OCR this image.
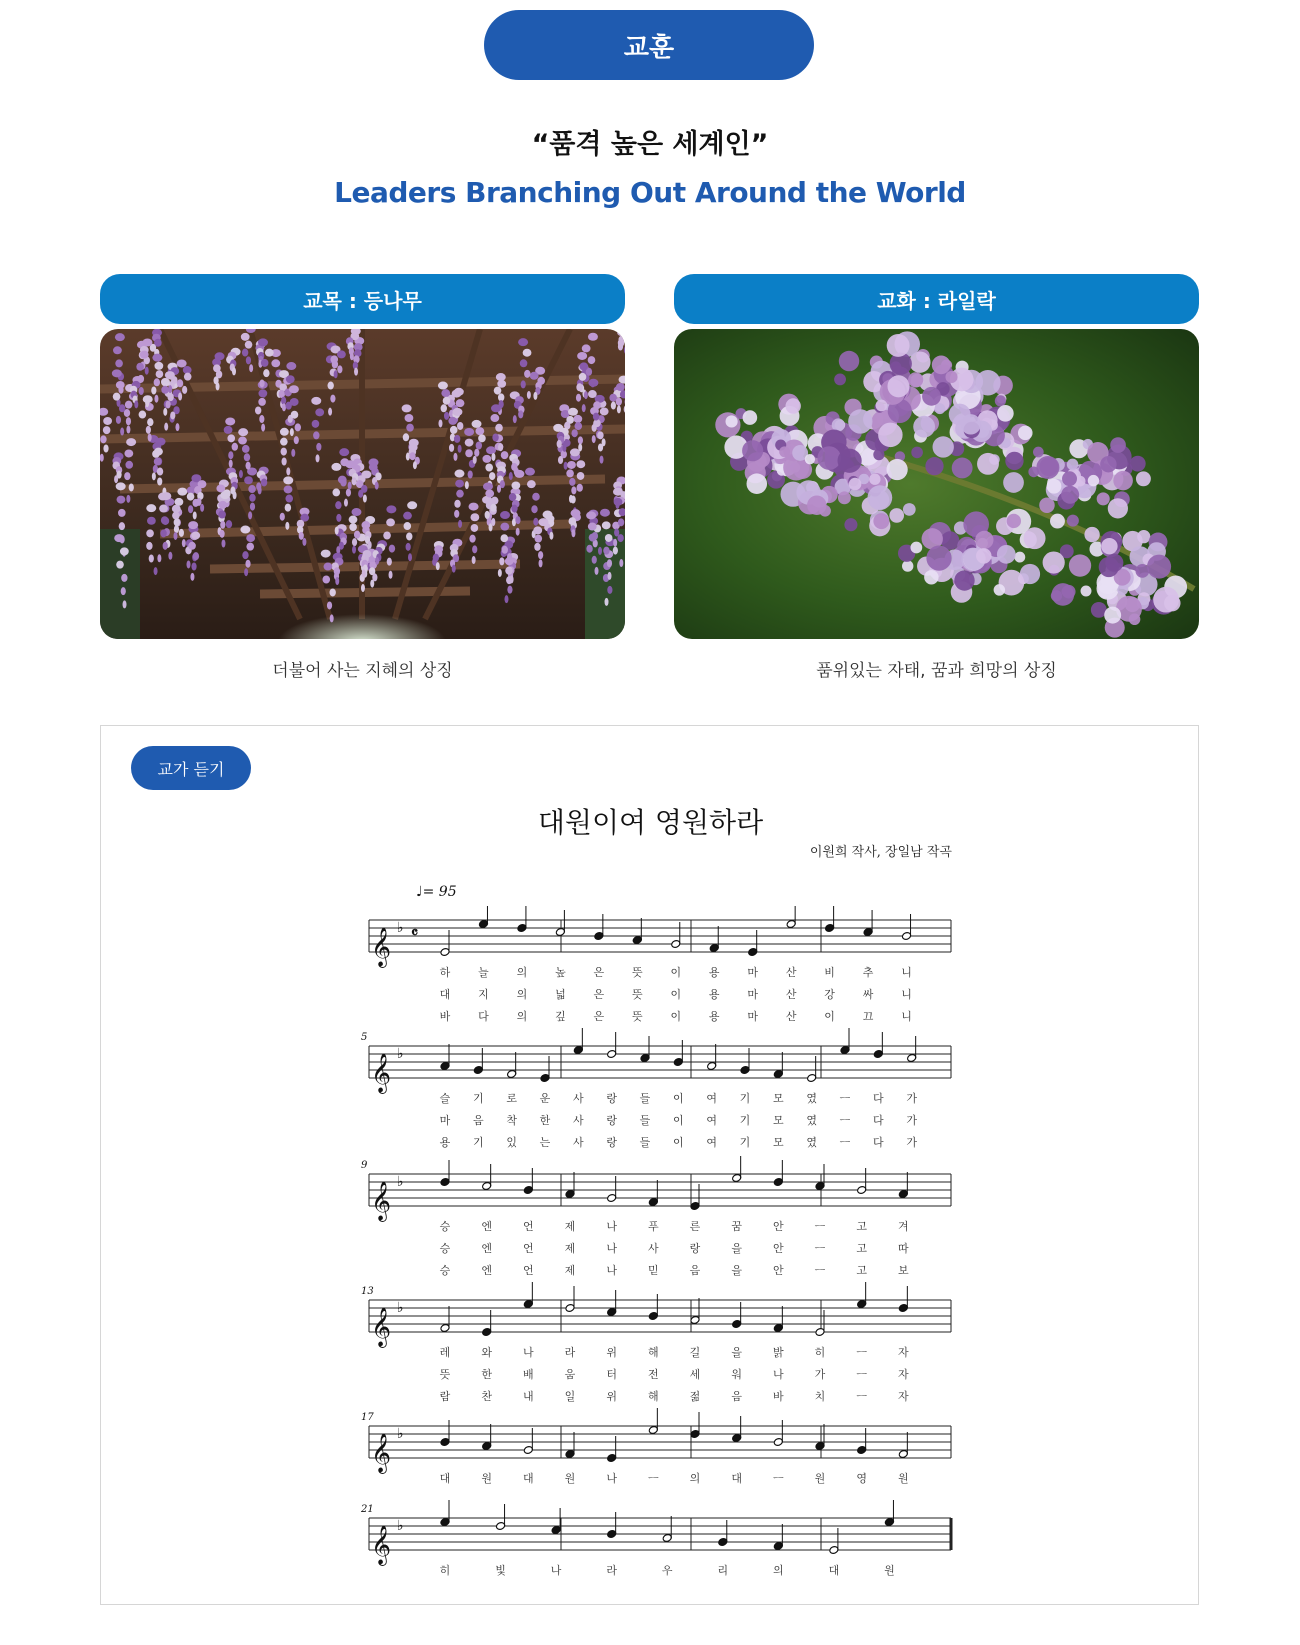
교훈
“품격 높은 세계인”
Leaders Branching Out Around the World
교목 : 등나무
더불어 사는 지혜의 상징
교화 : 라일락
품위있는 자태, 꿈과 희망의 상징
교가 듣기
대원이여 영원하라
이원희 작사, 장일남 작곡
♩= 95
𝄞 ♭ 𝄴
하	늘	의	높	은	뜻	이	용	마	산	비	추	니
대	지	의	넓	은	뜻	이	용	마	산	강	싸	니
바	다	의	깊	은	뜻	이	용	마	산	이	끄	니
𝄞 ♭
5
슬 기 로 운 사 랑 들 이 여 기 모 였 ㅡ 다 가
마 음 착 한 사 랑 들 이 여 기 모 였 ㅡ 다 가
용 기 있 는 사 랑 들 이 여 기 모 였 ㅡ 다 가
𝄞 ♭
9
승	엔	언	제	나	푸	른	꿈	안	ㅡ	고	겨
승	엔	언	제	나	사	랑	을	안	ㅡ	고	따
승	엔	언	제	나	믿	음	을	안	ㅡ	고	보
𝄞 ♭
13
레	와	나	라	위	해	길	을	밝	히	ㅡ	자
뜻	한	배	움	터	전	세	워	나	가	ㅡ	자
람	찬	내	일	위	해	젊	음	바	치	ㅡ	자
𝄞 ♭
17
대	원	대	원	나	ㅡ	의	대	ㅡ	원	영	원
𝄞 ♭
21
히	빛	나	라	우	리	의	대	원
